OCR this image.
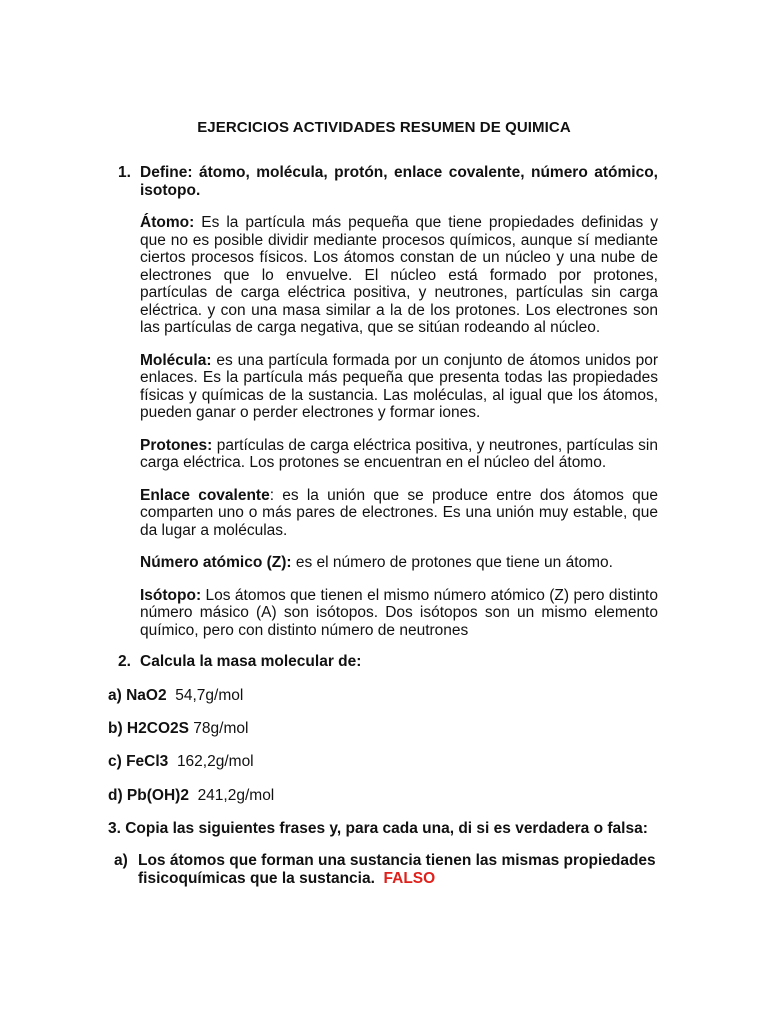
EJERCICIOS ACTIVIDADES RESUMEN DE QUIMICA
1. Define: átomo, molécula, protón, enlace covalente, número atómico, isotopo.

Átomo: Es la partícula más pequeña que tiene propiedades definidas y que no es posible dividir mediante procesos químicos, aunque sí mediante ciertos procesos físicos. Los átomos constan de un núcleo y una nube de electrones que lo envuelve. El núcleo está formado por protones, partículas de carga eléctrica positiva, y neutrones, partículas sin carga eléctrica. y con una masa similar a la de los protones. Los electrones son las partículas de carga negativa, que se sitúan rodeando al núcleo.

Molécula: es una partícula formada por un conjunto de átomos unidos por enlaces. Es la partícula más pequeña que presenta todas las propiedades físicas y químicas de la sustancia. Las moléculas, al igual que los átomos, pueden ganar o perder electrones y formar iones.

Protones: partículas de carga eléctrica positiva, y neutrones, partículas sin carga eléctrica. Los protones se encuentran en el núcleo del átomo.

Enlace covalente: es la unión que se produce entre dos átomos que comparten uno o más pares de electrones. Es una unión muy estable, que da lugar a moléculas.

Número atómico (Z): es el número de protones que tiene un átomo.

Isótopo: Los átomos que tienen el mismo número atómico (Z) pero distinto número másico (A) son isótopos. Dos isótopos son un mismo elemento químico, pero con distinto número de neutrones

2. Calcula la masa molecular de:
a) NaO2 54,7g/mol
b) H2CO2S 78g/mol
c) FeCl3 162,2g/mol
d) Pb(OH)2 241,2g/mol
3. Copia las siguientes frases y, para cada una, di si es verdadera o falsa:
a) Los átomos que forman una sustancia tienen las mismas propiedades fisicoquímicas que la sustancia. FALSO
